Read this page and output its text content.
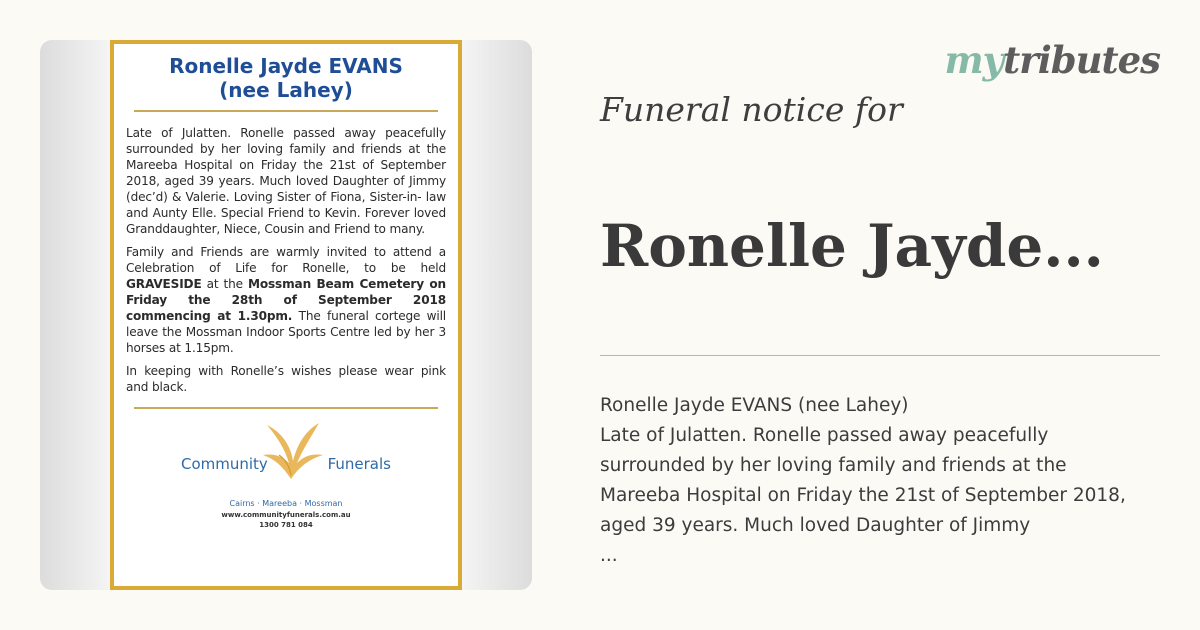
Ronelle Jayde EVANS
(nee Lahey)

Late of Julatten. Ronelle passed away peacefully surrounded by her loving family and friends at the Mareeba Hospital on Friday the 21st of September 2018, aged 39 years. Much loved Daughter of Jimmy (dec’d) & Valerie. Loving Sister of Fiona, Sister-in- law and Aunty Elle. Special Friend to Kevin. Forever loved Granddaughter, Niece, Cousin and Friend to many.

Family and Friends are warmly invited to attend a Celebration of Life for Ronelle, to be held GRAVESIDE at the Mossman Beam Cemetery on Friday the 28th of September 2018 commencing at 1.30pm. The funeral cortege will leave the Mossman Indoor Sports Centre led by her 3 horses at 1.15pm.

In keeping with Ronelle’s wishes please wear pink and black.

Community	Funerals
Cairns · Mareeba · Mossman
www.communityfunerals.com.au
1300 781 084
mytributes
Funeral notice for
Ronelle Jayde...
Ronelle Jayde EVANS (nee Lahey)
Late of Julatten. Ronelle passed away peacefully
surrounded by her loving family and friends at the
Mareeba Hospital on Friday the 21st of September 2018,
aged 39 years. Much loved Daughter of Jimmy
...
